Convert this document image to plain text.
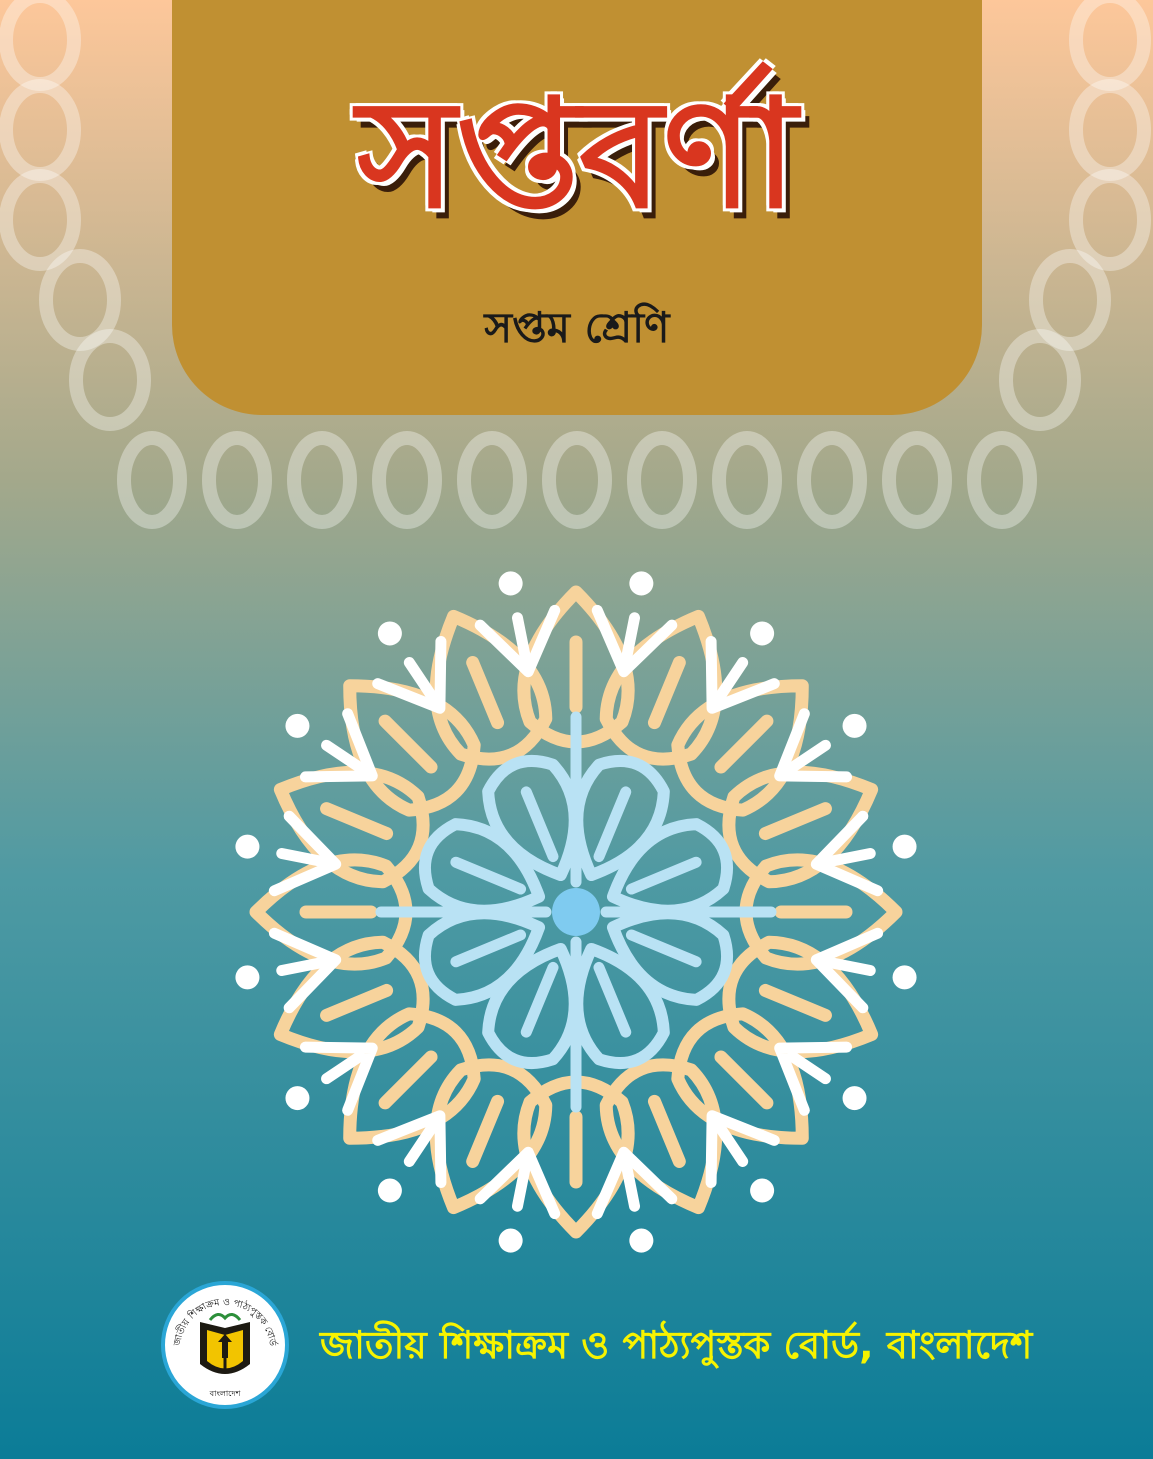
সপ্তবর্ণা
সপ্তম শ্রেণি
জাতীয় শিক্ষাক্রম ও পাঠ্যপুস্তক বোর্ড
বাংলাদেশ
জাতীয় শিক্ষাক্রম ও পাঠ্যপুস্তক বোর্ড, বাংলাদেশ
